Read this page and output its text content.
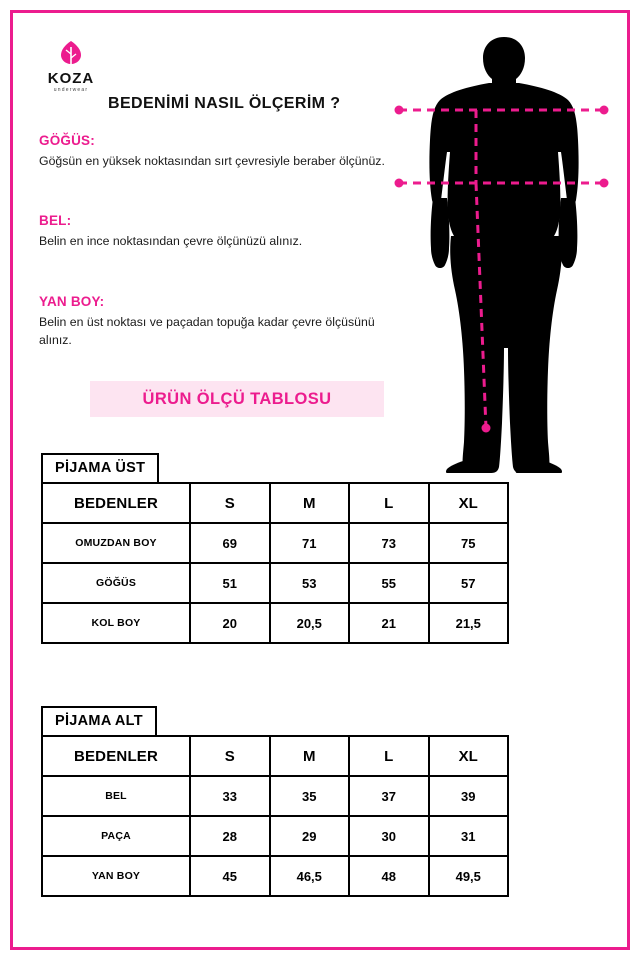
KOZA
underwear
BEDENİMİ NASIL ÖLÇERİM ?
GÖĞÜS:
Göğsün en yüksek noktasından sırt çevresiyle beraber ölçünüz.
BEL:
Belin en ince noktasından çevre ölçünüzü alınız.
YAN BOY:
Belin en üst noktası ve paçadan topuğa kadar çevre ölçüsünü alınız.
ÜRÜN ÖLÇÜ TABLOSU
PİJAMA ÜST
BEDENLER	S	M	L	XL
OMUZDAN BOY	69	71	73	75
GÖĞÜS	51	53	55	57
KOL BOY	20	20,5	21	21,5
PİJAMA ALT
BEDENLER	S	M	L	XL
BEL	33	35	37	39
PAÇA	28	29	30	31
YAN BOY	45	46,5	48	49,5
